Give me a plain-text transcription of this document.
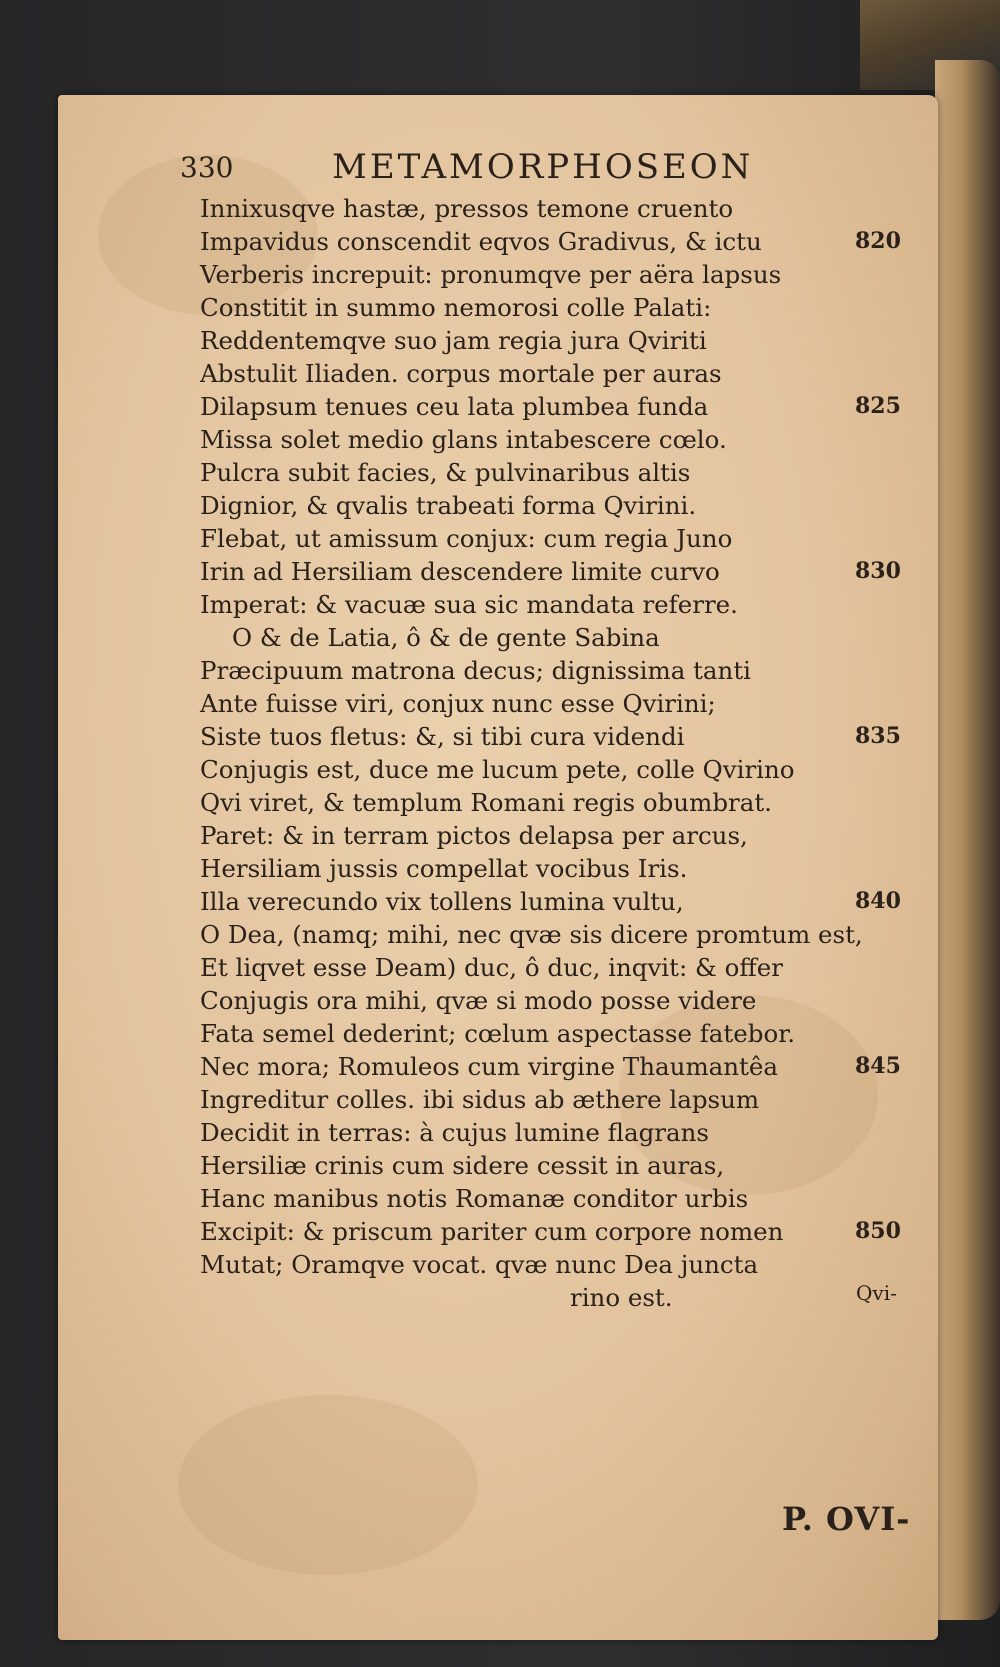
330	METAMORPHOSEON
Innixusqve hastæ, pressos temone cruento
Impavidus conscendit eqvos Gradivus, & ictu
Verberis increpuit: pronumqve per aëra lapsus
Constitit in summo nemorosi colle Palati:
Reddentemqve suo jam regia jura Qviriti
Abstulit Iliaden. corpus mortale per auras
Dilapsum tenues ceu lata plumbea funda
Missa solet medio glans intabescere cœlo.
Pulcra subit facies, & pulvinaribus altis
Dignior, & qvalis trabeati forma Qvirini.
Flebat, ut amissum conjux: cum regia Juno
Irin ad Hersiliam descendere limite curvo
Imperat: & vacuæ sua sic mandata referre.
O & de Latia, ô & de gente Sabina
Præcipuum matrona decus; dignissima tanti
Ante fuisse viri, conjux nunc esse Qvirini;
Siste tuos fletus: &, si tibi cura videndi
Conjugis est, duce me lucum pete, colle Qvirino
Qvi viret, & templum Romani regis obumbrat.
Paret: & in terram pictos delapsa per arcus,
Hersiliam jussis compellat vocibus Iris.
Illa verecundo vix tollens lumina vultu,
O Dea, (namq; mihi, nec qvæ sis dicere promtum est,
Et liqvet esse Deam) duc, ô duc, inqvit: & offer
Conjugis ora mihi, qvæ si modo posse videre
Fata semel dederint; cœlum aspectasse fatebor.
Nec mora; Romuleos cum virgine Thaumantêa
Ingreditur colles. ibi sidus ab æthere lapsum
Decidit in terras: à cujus lumine flagrans
Hersiliæ crinis cum sidere cessit in auras,
Hanc manibus notis Romanæ conditor urbis
Excipit: & priscum pariter cum corpore nomen
Mutat; Oramqve vocat. qvæ nunc Dea juncta
rino est.
820
825
830
835
840
845
850
Qvi-
P. OVI-
